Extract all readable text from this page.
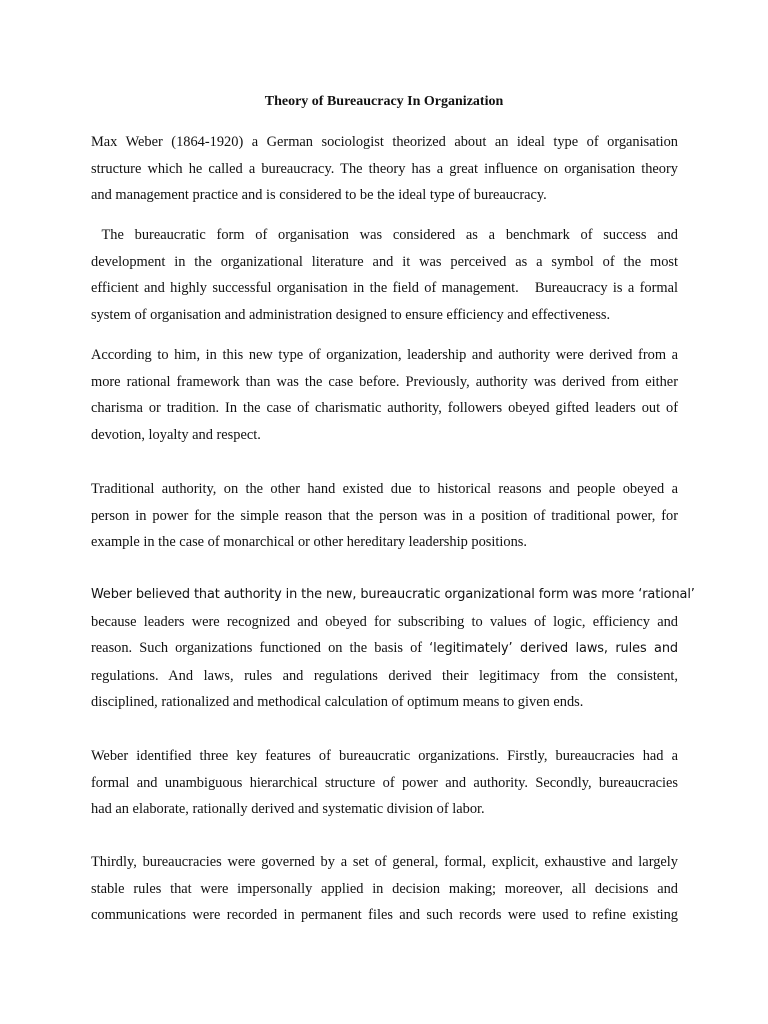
Theory of Bureaucracy In Organization
Max Weber (1864-1920) a German sociologist theorized about an ideal type of organisation
structure which he called a bureaucracy. The theory has a great influence on organisation theory
and management practice and is considered to be the ideal type of bureaucracy.
The bureaucratic form of organisation was considered as a benchmark of success and
development in the organizational literature and it was perceived as a symbol of the most
efficient and highly successful organisation in the field of management.   Bureaucracy is a formal
system of organisation and administration designed to ensure efficiency and effectiveness.
According to him, in this new type of organization, leadership and authority were derived from a
more rational framework than was the case before. Previously, authority was derived from either
charisma or tradition. In the case of charismatic authority, followers obeyed gifted leaders out of
devotion, loyalty and respect.
Traditional authority, on the other hand existed due to historical reasons and people obeyed a
person in power for the simple reason that the person was in a position of traditional power, for
example in the case of monarchical or other hereditary leadership positions.
Weber believed that authority in the new, bureaucratic organizational form was more ‘rational’
because leaders were recognized and obeyed for subscribing to values of logic, efficiency and
reason. Such organizations functioned on the basis of ‘legitimately’ derived laws, rules and
regulations. And laws, rules and regulations derived their legitimacy from the consistent,
disciplined, rationalized and methodical calculation of optimum means to given ends.
Weber identified three key features of bureaucratic organizations. Firstly, bureaucracies had a
formal and unambiguous hierarchical structure of power and authority. Secondly, bureaucracies
had an elaborate, rationally derived and systematic division of labor.
Thirdly, bureaucracies were governed by a set of general, formal, explicit, exhaustive and largely
stable rules that were impersonally applied in decision making; moreover, all decisions and
communications were recorded in permanent files and such records were used to refine existing
